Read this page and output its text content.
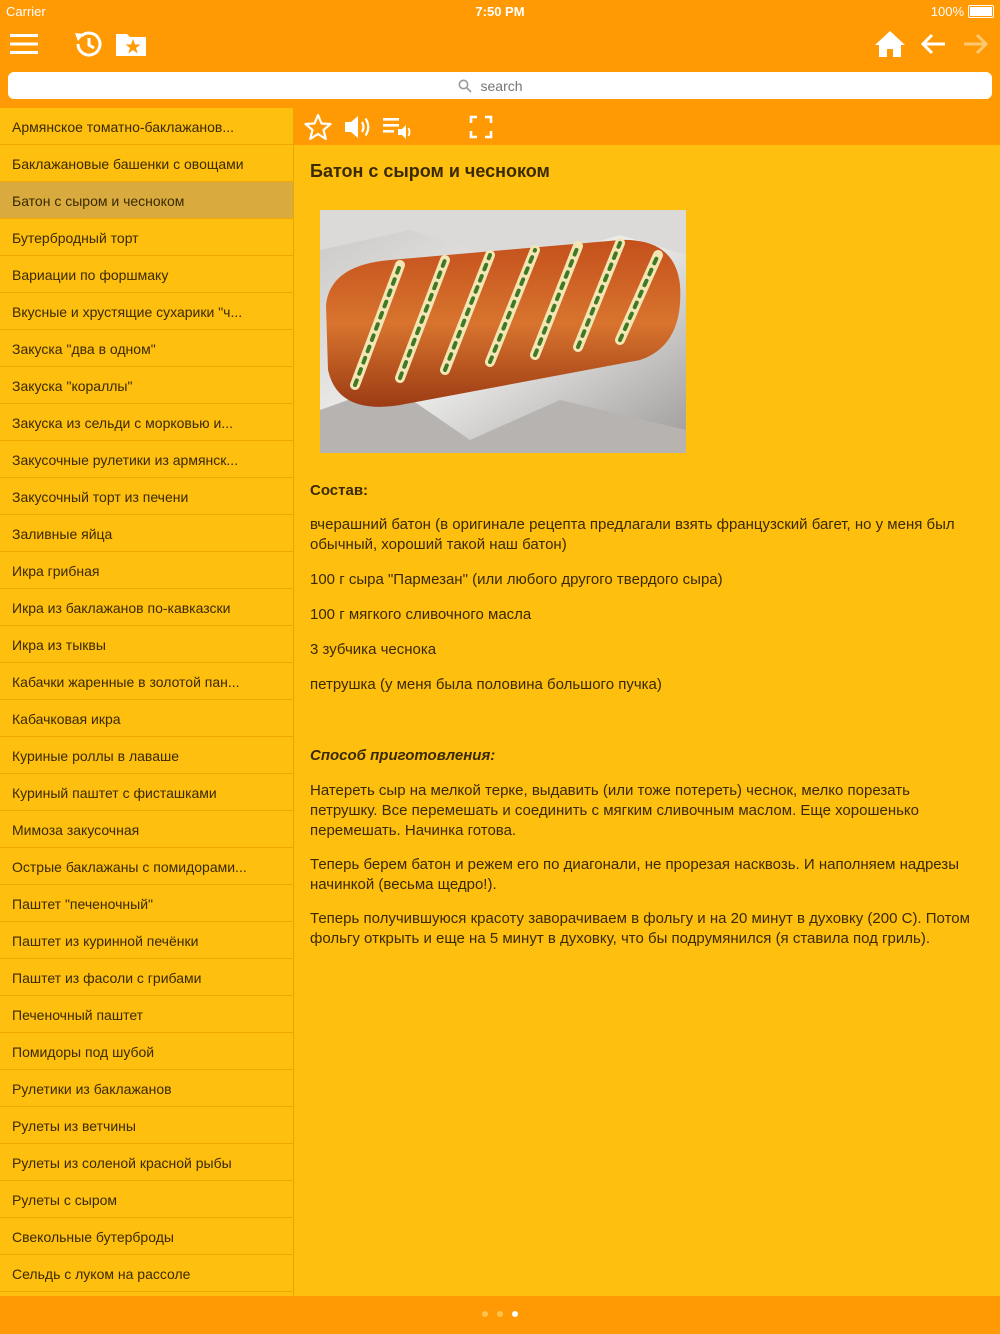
Carrier	7:50 PM	100%
search
Армянское томатно-баклажанов...
Баклажановые башенки с овощами
Батон с сыром и чесноком
Бутербродный торт
Вариации по форшмаку
Вкусные и хрустящие сухарики "ч...
Закуска "два в одном"
Закуска "кораллы"
Закуска из сельди с морковью и...
Закусочные рулетики из армянск...
Закусочный торт из печени
Заливные яйца
Икра грибная
Икра из баклажанов по-кавказски
Икра из тыквы
Кабачки жаренные в золотой пан...
Кабачковая икра
Куриные роллы в лаваше
Куриный паштет с фисташками
Мимоза закусочная
Острые баклажаны с помидорами...
Паштет "печеночный"
Паштет из куринной печёнки
Паштет из фасоли с грибами
Печеночный паштет
Помидоры под шубой
Рулетики из баклажанов
Рулеты из ветчины
Рулеты из соленой красной рыбы
Рулеты с сыром
Свекольные бутерброды
Сельдь с луком на рассоле
Батон с сыром и чесноком
Состав:
вчерашний батон (в оригинале рецепта предлагали взять французский багет, но у меня был обычный, хороший такой наш батон)
100 г сыра "Пармезан" (или любого другого твердого сыра)
100 г мягкого сливочного масла
3 зубчика чеснока
петрушка (у меня была половина большого пучка)
Способ приготовления:
Натереть сыр на мелкой терке, выдавить (или тоже потереть) чеснок, мелко порезать петрушку. Все перемешать и соединить с мягким сливочным маслом. Еще хорошенько перемешать. Начинка готова.
Теперь берем батон и режем его по диагонали, не прорезая насквозь. И наполняем надрезы начинкой (весьма щедро!).
Теперь получившуюся красоту заворачиваем в фольгу и на 20 минут в духовку (200 С). Потом фольгу открыть и еще на 5 минут в духовку, что бы подрумянился (я ставила под гриль).
